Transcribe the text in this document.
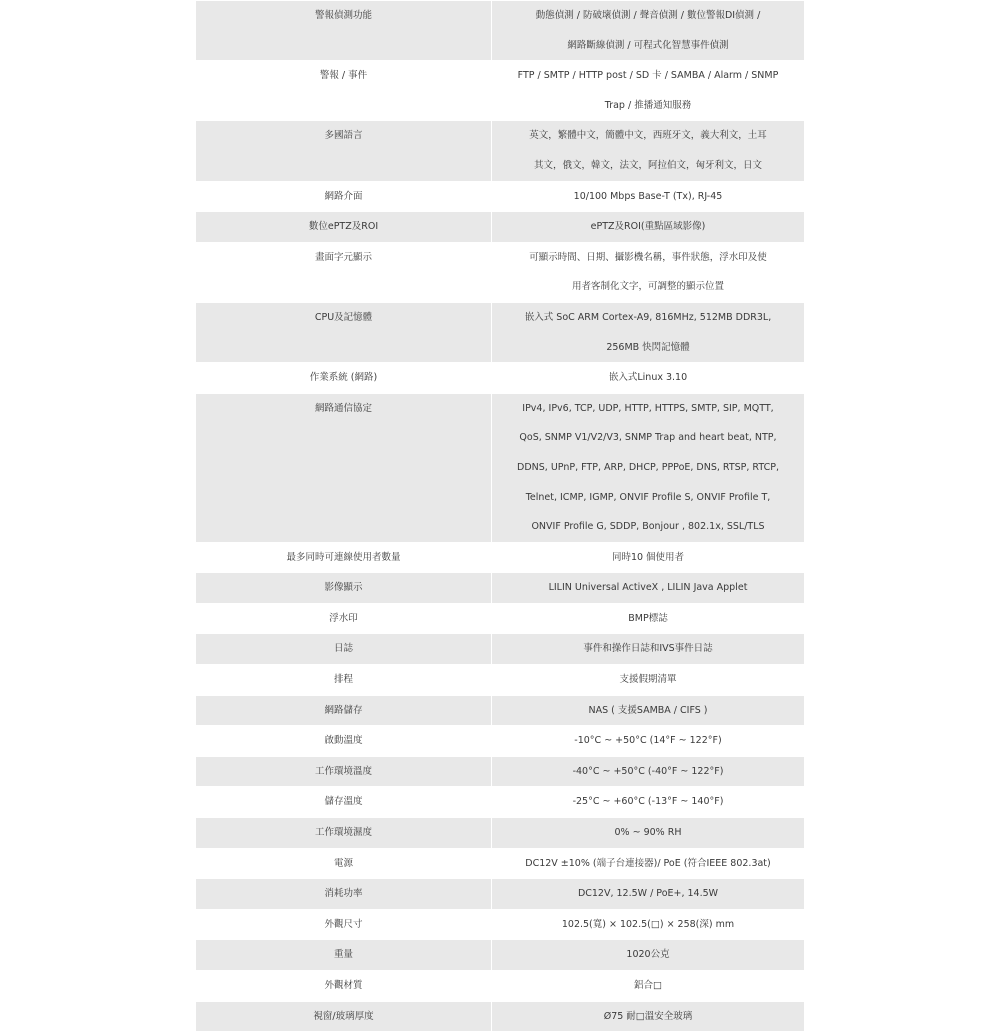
警報偵測功能	動態偵測 / 防破壞偵測 / 聲音偵測 / 數位警報DI偵測 /
網路斷線偵測 / 可程式化智慧事件偵測

警報 / 事件	FTP / SMTP / HTTP post / SD 卡 / SAMBA / Alarm / SNMP
Trap / 推播通知服務

多國語言	英文，繁體中文，簡體中文，西班牙文，義大利文，土耳
其文，俄文，韓文，法文，阿拉伯文，匈牙利文，日文

網路介面	10/100 Mbps Base-T (Tx), RJ-45

數位ePTZ及ROI	ePTZ及ROI(重點區域影像)

畫面字元顯示	可顯示時間、日期、攝影機名稱，事件狀態，浮水印及使
用者客制化文字，可調整的顯示位置

CPU及記憶體	嵌入式 SoC ARM Cortex-A9, 816MHz, 512MB DDR3L,
256MB 快閃記憶體

作業系統 (網路)	嵌入式Linux 3.10

網路通信協定	IPv4, IPv6, TCP, UDP, HTTP, HTTPS, SMTP, SIP, MQTT,
QoS, SNMP V1/V2/V3, SNMP Trap and heart beat, NTP,
DDNS, UPnP, FTP, ARP, DHCP, PPPoE, DNS, RTSP, RTCP,
Telnet, ICMP, IGMP, ONVIF Profile S, ONVIF Profile T,
ONVIF Profile G, SDDP, Bonjour , 802.1x, SSL/TLS

最多同時可連線使用者數量	同時10 個使用者

影像顯示	LILIN Universal ActiveX , LILIN Java Applet

浮水印	BMP標誌

日誌	事件和操作日誌和IVS事件日誌

排程	支援假期清單

網路儲存	NAS ( 支援SAMBA / CIFS )

啟動溫度	-10°C ~ +50°C (14°F ~ 122°F)

工作環境溫度	-40°C ~ +50°C (-40°F ~ 122°F)

儲存溫度	-25°C ~ +60°C (-13°F ~ 140°F)

工作環境濕度	0% ~ 90% RH

電源	DC12V ±10% (端子台連接器)/ PoE (符合IEEE 802.3at)

消耗功率	DC12V, 12.5W / PoE+, 14.5W

外觀尺寸	102.5(寬) × 102.5(□) × 258(深) mm

重量	1020公克

外觀材質	鋁合□

視窗/玻璃厚度	Ø75 耐□溫安全玻璃
